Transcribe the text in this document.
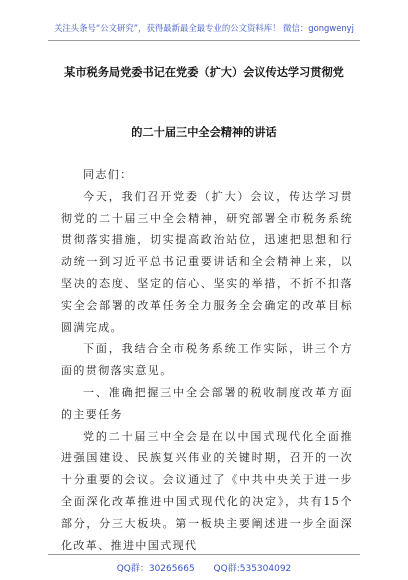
关注头条号“公文研究”，获得最新最全最专业的公文资料库！ 微信：gongwenyj
某市税务局党委书记在党委（扩大）会议传达学习贯彻党
的二十届三中全会精神的讲话

同志们：

今天，我们召开党委（扩大）会议，传达学习贯彻党的二十届三中全会精神，研究部署全市税务系统贯彻落实措施，切实提高政治站位，迅速把思想和行动统一到习近平总书记重要讲话和全会精神上来，以坚决的态度、坚定的信心、坚实的举措，不折不扣落实全会部署的改革任务全力服务全会确定的改革目标圆满完成。

下面，我结合全市税务系统工作实际，讲三个方面的贯彻落实意见。

一、准确把握三中全会部署的税收制度改革方面的主要任务

党的二十届三中全会是在以中国式现代化全面推进强国建设、民族复兴伟业的关键时期，召开的一次十分重要的会议。会议通过了《中共中央关于进一步全面深化改革推进中国式现代化的决定》，共有15个部分，分三大板块。第一板块主要阐述进一步全面深化改革、推进中国式现代

QQ群：30265665 QQ群:535304092
